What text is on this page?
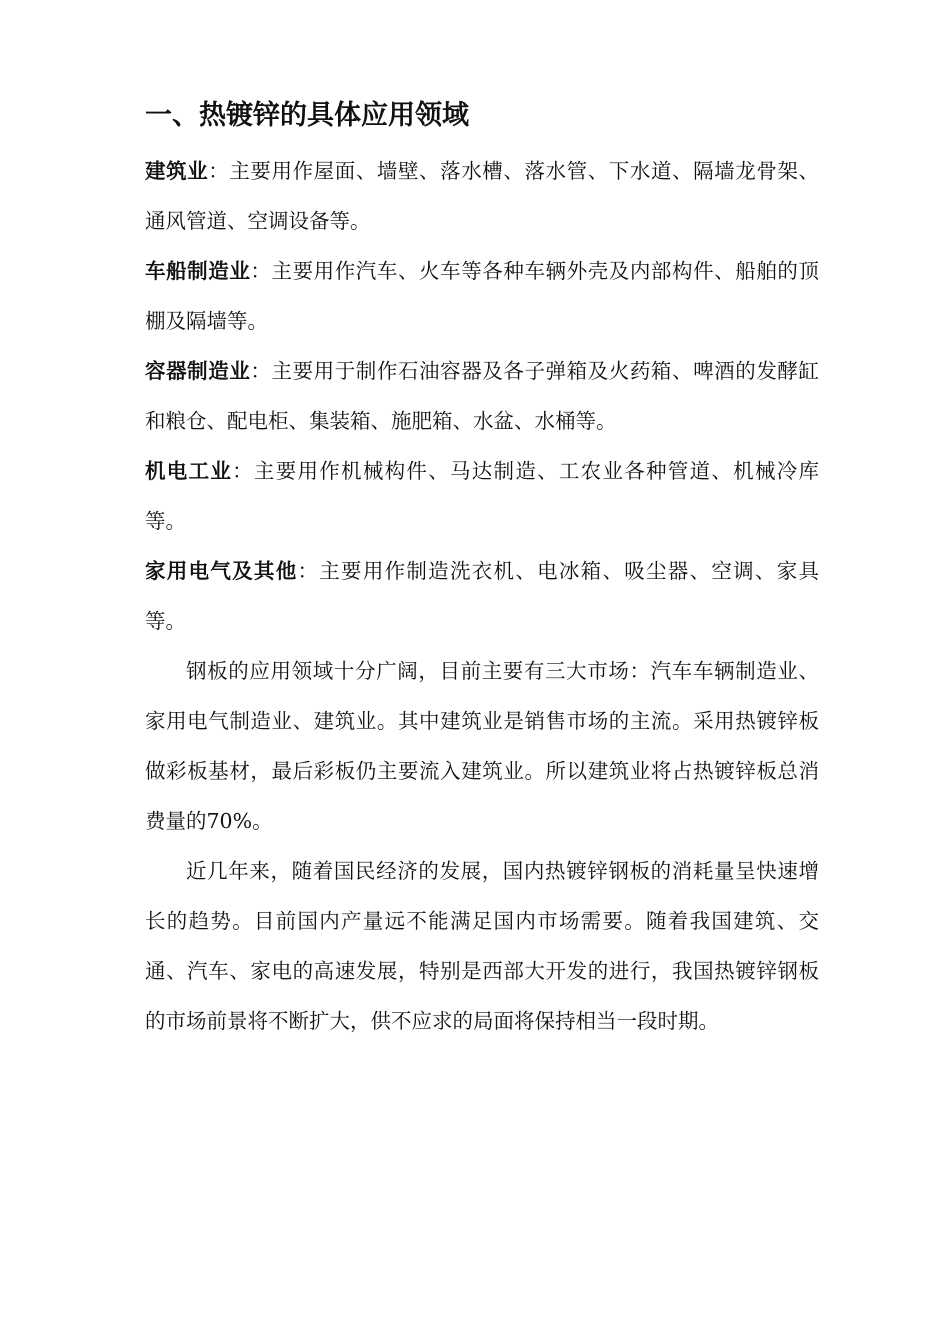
一、热镀锌的具体应用领域

建筑业：主要用作屋面、墙壁、落水槽、落水管、下水道、隔墙龙骨架、通风管道、空调设备等。

车船制造业：主要用作汽车、火车等各种车辆外壳及内部构件、船舶的顶棚及隔墙等。

容器制造业：主要用于制作石油容器及各子弹箱及火药箱、啤酒的发酵缸和粮仓、配电柜、集装箱、施肥箱、水盆、水桶等。

机电工业：主要用作机械构件、马达制造、工农业各种管道、机械冷库等。

家用电气及其他：主要用作制造洗衣机、电冰箱、吸尘器、空调、家具等。

钢板的应用领域十分广阔，目前主要有三大市场：汽车车辆制造业、家用电气制造业、建筑业。其中建筑业是销售市场的主流。采用热镀锌板做彩板基材，最后彩板仍主要流入建筑业。所以建筑业将占热镀锌板总消费量的70%。

近几年来，随着国民经济的发展，国内热镀锌钢板的消耗量呈快速增长的趋势。目前国内产量远不能满足国内市场需要。随着我国建筑、交通、汽车、家电的高速发展，特别是西部大开发的进行，我国热镀锌钢板的市场前景将不断扩大，供不应求的局面将保持相当一段时期。
